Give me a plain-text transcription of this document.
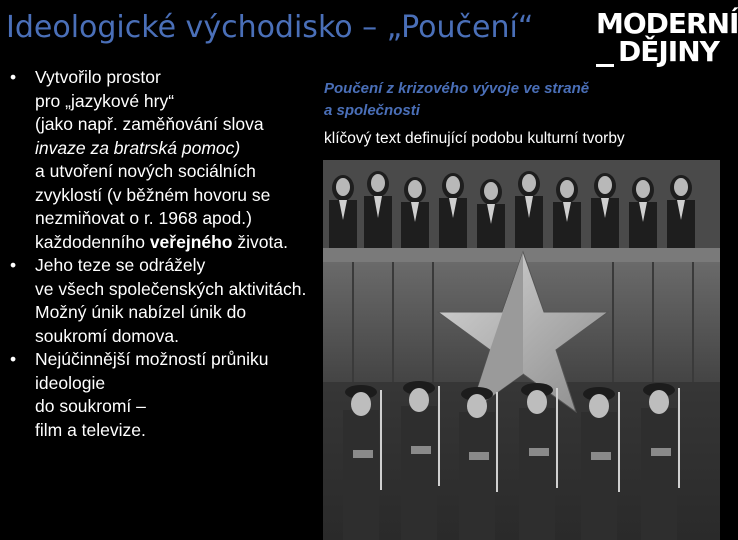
Ideologické východisko – „Poučení“ MODERNÍ
DĚJINY
Poučení z krizového vývoje ve straně
a společnosti
klíčový text definující podobu kulturní tvorby
• Vytvořilo prostor
pro „jazykové hry“
(jako např. zaměňování slova
invaze za bratrská pomoc)
a utvoření nových sociálních
zvyklostí (v běžném hovoru se
nezmiňovat o r. 1968 apod.)
každodenního veřejného života.
• Jeho teze se odrážely
ve všech společenských aktivitách.
Možný únik nabízel únik do
soukromí domova.
• Nejúčinnější možností průniku
ideologie
do soukromí –
film a televize.
